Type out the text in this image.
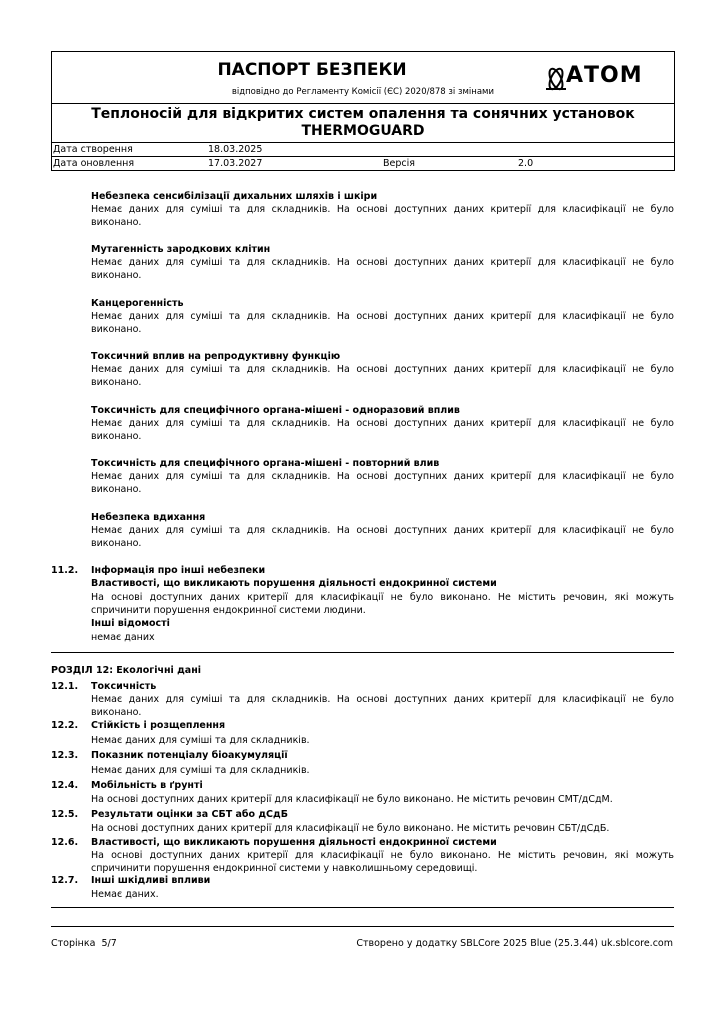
ПАСПОРТ БЕЗПЕКИ
відповідно до Регламенту Комісії (ЄС) 2020/878 зі змінами
АТОМ
Теплоносій для відкритих систем опалення та сонячних установок
THERMOGUARD
Дата створення	18.03.2025
Дата оновлення	17.03.2027	Версія	2.0
Небезпека сенсибілізації дихальних шляхів і шкіри

Немає даних для суміші та для складників. На основі доступних даних критерії для класифікації не було виконано.

Мутагенність зародкових клітин

Немає даних для суміші та для складників. На основі доступних даних критерії для класифікації не було виконано.

Канцерогенність

Немає даних для суміші та для складників. На основі доступних даних критерії для класифікації не було виконано.

Токсичний вплив на репродуктивну функцію

Немає даних для суміші та для складників. На основі доступних даних критерії для класифікації не було виконано.

Токсичність для специфічного органа-мішені - одноразовий вплив

Немає даних для суміші та для складників. На основі доступних даних критерії для класифікації не було виконано.

Токсичність для специфічного органа-мішені - повторний влив

Немає даних для суміші та для складників. На основі доступних даних критерії для класифікації не було виконано.

Небезпека вдихання

Немає даних для суміші та для складників. На основі доступних даних критерії для класифікації не було виконано.

11.2. Інформація про інші небезпеки
Властивості, що викликають порушення діяльності ендокринної системи
На основі доступних даних критерії для класифікації не було виконано. Не містить речовин, які можуть спричинити порушення ендокринної системи людини.
Інші відомості
немає даних
РОЗДІЛ 12: Екологічні дані
12.1. Токсичність
Немає даних для суміші та для складників. На основі доступних даних критерії для класифікації не було виконано.
12.2. Стійкість і розщеплення
Немає даних для суміші та для складників.
12.3. Показник потенціалу біоакумуляції
Немає даних для суміші та для складників.
12.4. Мобільність в ґрунті
На основі доступних даних критерії для класифікації не було виконано. Не містить речовин СМТ/дСдМ.
12.5. Результати оцінки за СБТ або дСдБ
На основі доступних даних критерії для класифікації не було виконано. Не містить речовин СБТ/дСдБ.
12.6. Властивості, що викликають порушення діяльності ендокринної системи
На основі доступних даних критерії для класифікації не було виконано. Не містить речовин, які можуть спричинити порушення ендокринної системи у навколишньому середовищі.
12.7. Інші шкідливі впливи
Немає даних.
Сторінка  5/7	Створено у додатку SBLCore 2025 Blue (25.3.44) uk.sblcore.com
